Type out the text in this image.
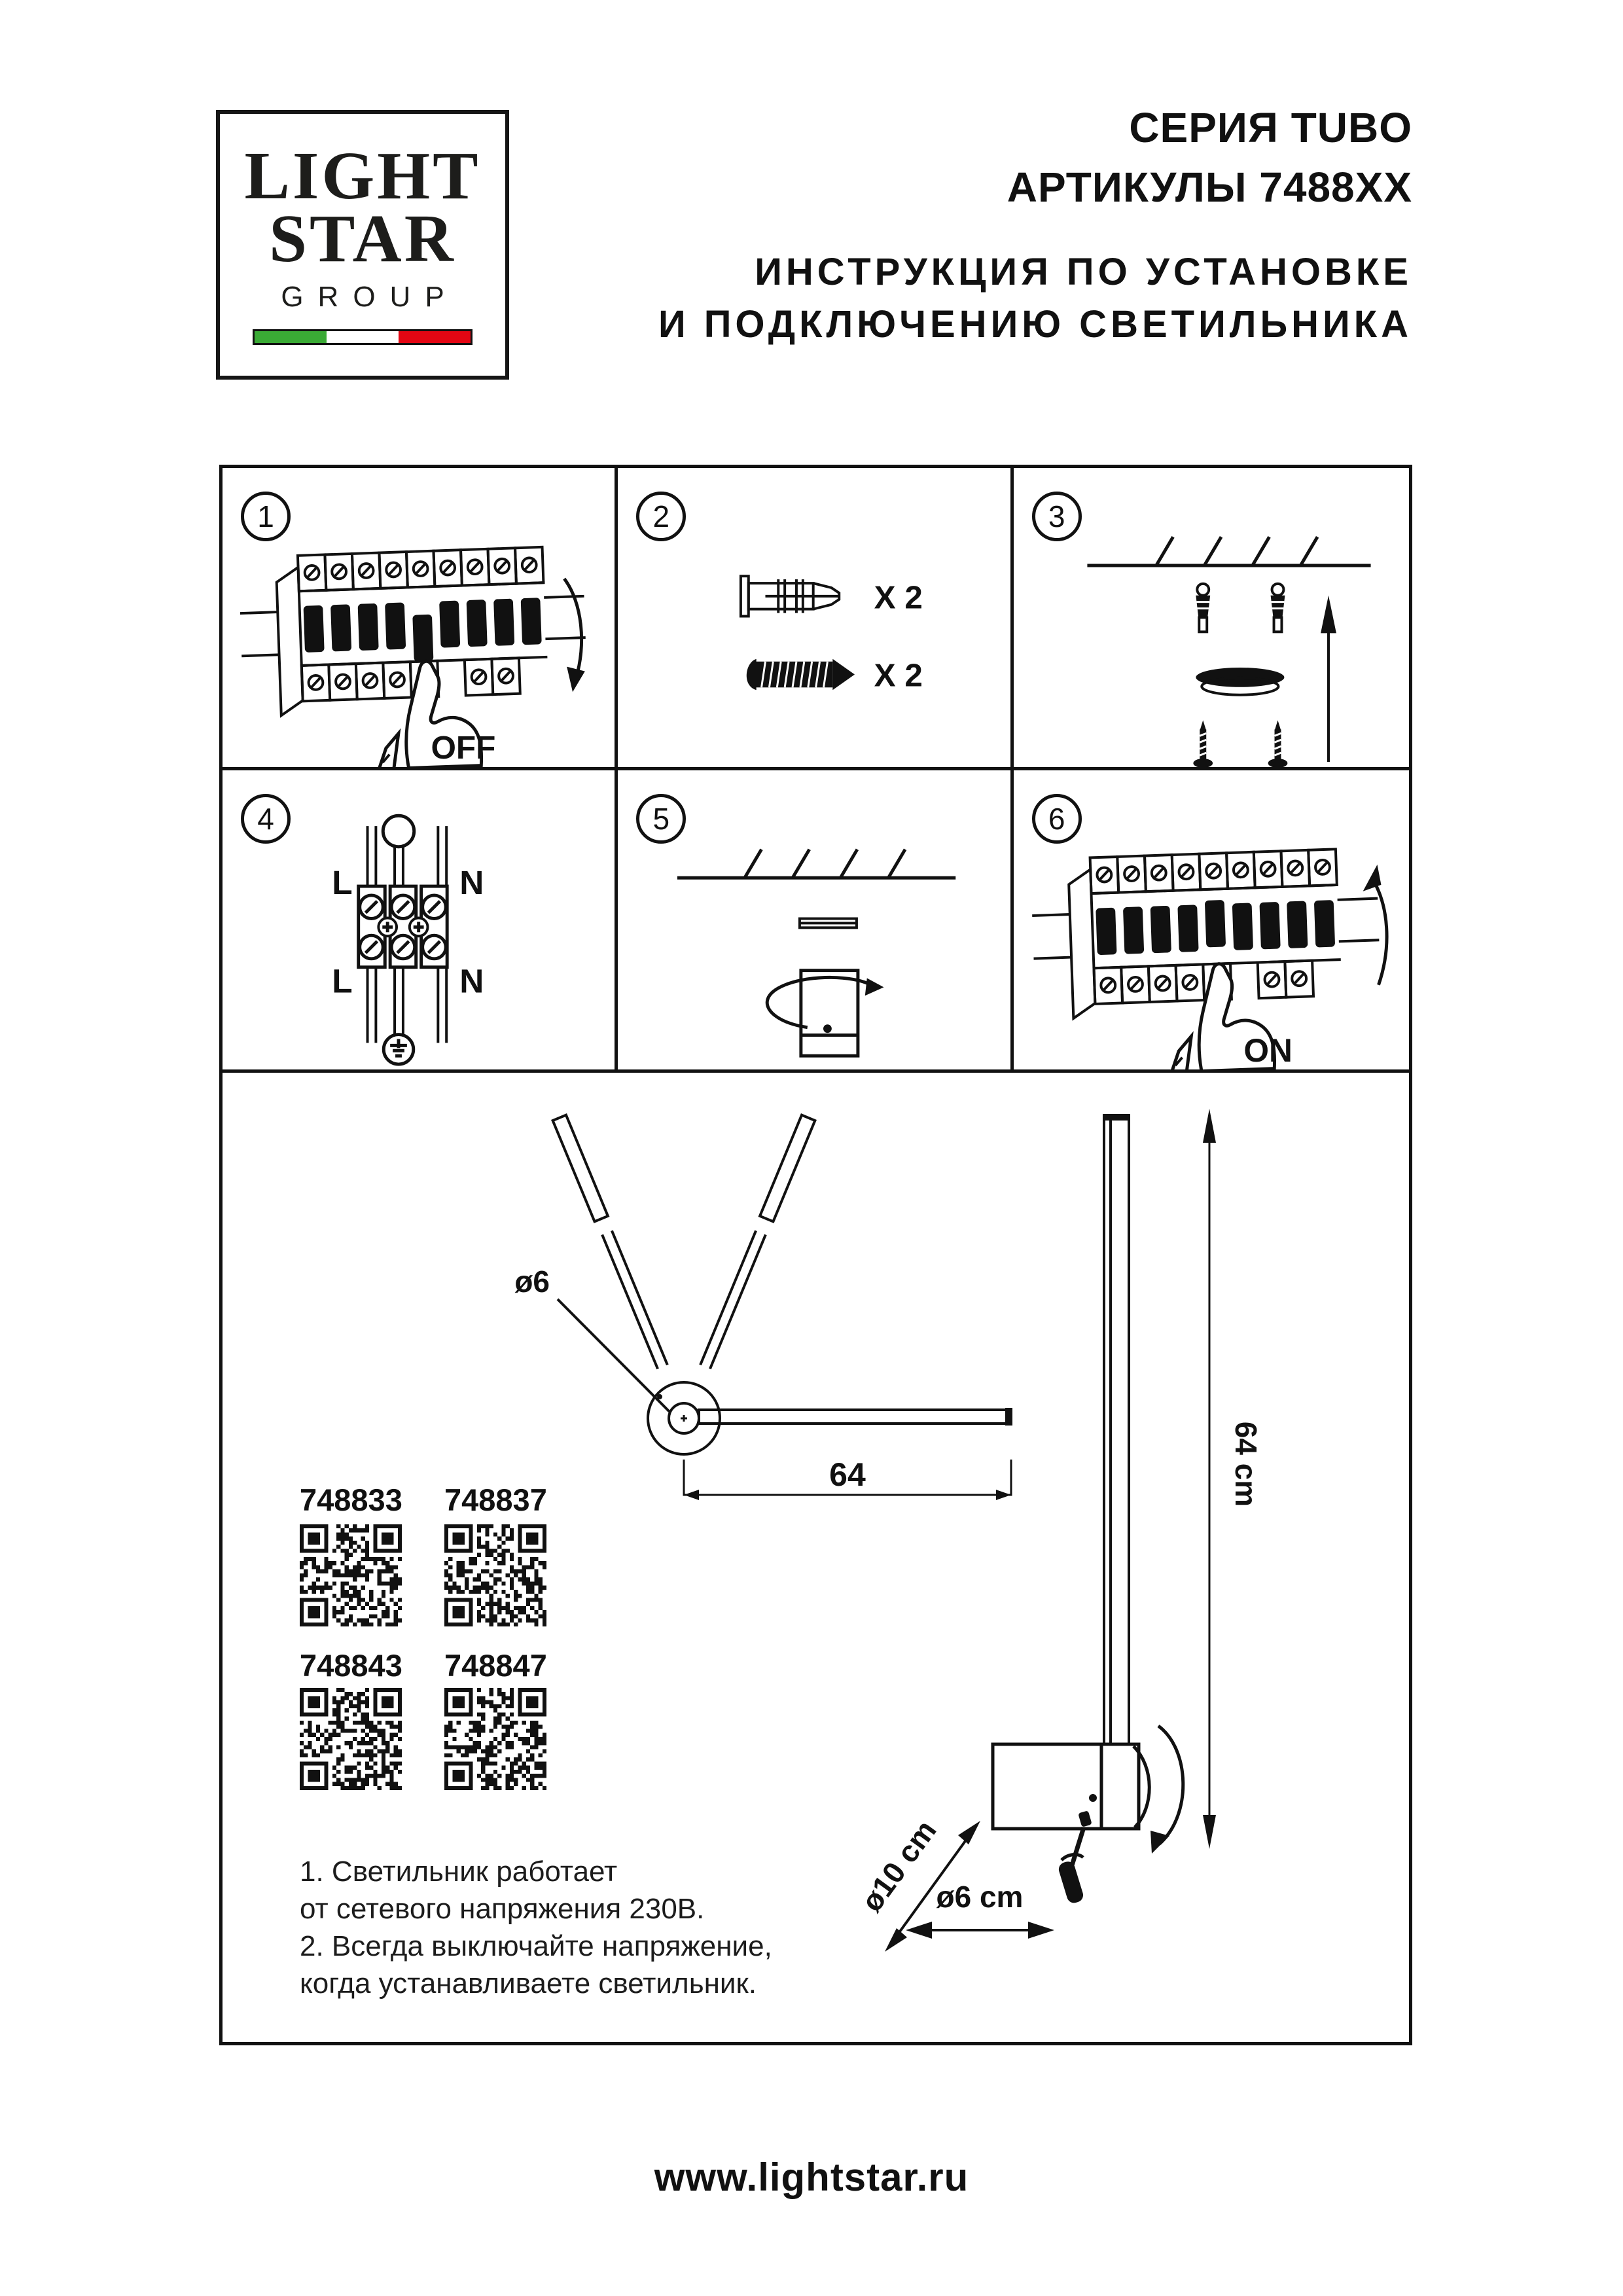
LIGHT
STAR
GROUP
СЕРИЯ TUBO
АРТИКУЛЫ 7488XX
ИНСТРУКЦИЯ ПО УСТАНОВКЕ
И ПОДКЛЮЧЕНИЮ СВЕТИЛЬНИКА
1
OFF
2
X 2
X 2
3
4
L	N
L	N
5	6
ON
ø6
64	64 cm
ø10 cm
ø6 cm
748833 748837
748843 748847
1. Светильник работает
от сетевого напряжения 230В.
2. Всегда выключайте напряжение,
когда устанавливаете светильник.
www.lightstar.ru
